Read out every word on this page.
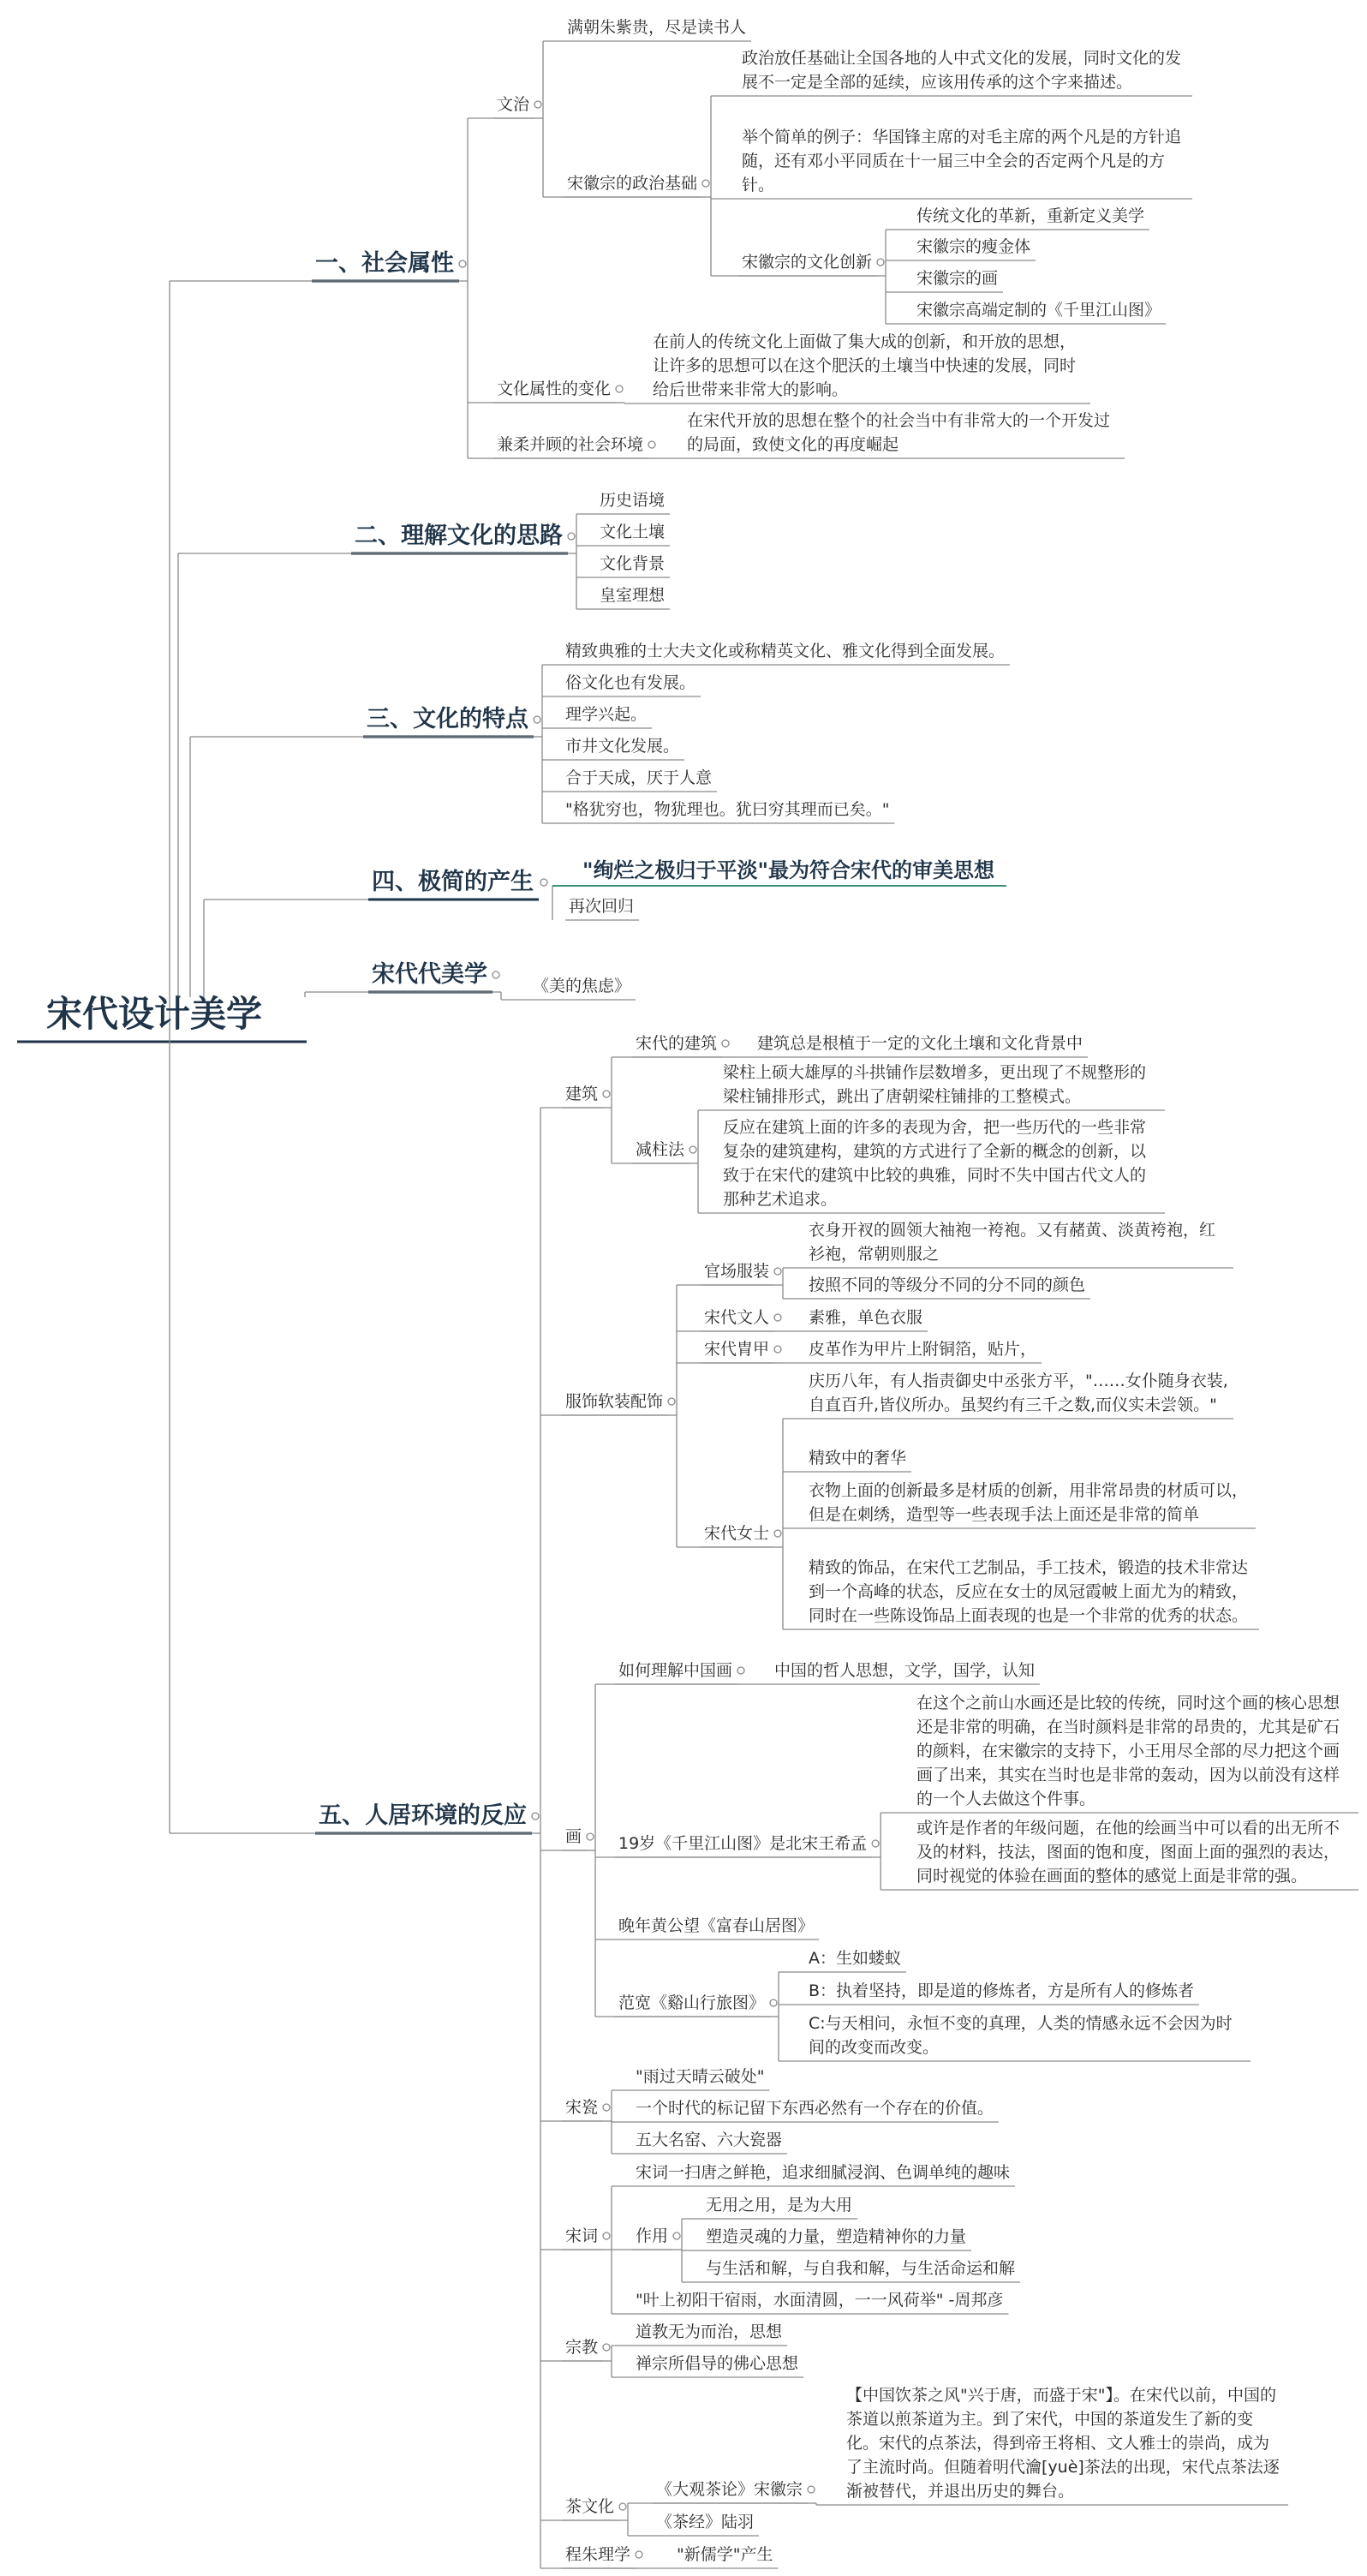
宋代设计美学
一、社会属性
文治
满朝朱紫贵，尽是读书人
宋徽宗的政治基础
政治放任基础让全国各地的人中式文化的发展，同时文化的发展不一定是全部的延续，应该用传承的这个字来描述。
举个简单的例子：华国锋主席的对毛主席的两个凡是的方针追随，还有邓小平同质在十一届三中全会的否定两个凡是的方针。
宋徽宗的文化创新
传统文化的革新，重新定义美学
宋徽宗的瘦金体
宋徽宗的画
宋徽宗高端定制的《千里江山图》
文化属性的变化
在前人的传统文化上面做了集大成的创新，和开放的思想，让许多的思想可以在这个肥沃的土壤当中快速的发展，同时给后世带来非常大的影响。
兼柔并顾的社会环境
在宋代开放的思想在整个的社会当中有非常大的一个开发过的局面，致使文化的再度崛起
二、理解文化的思路
历史语境
文化土壤
文化背景
皇室理想
三、文化的特点
精致典雅的士大夫文化或称精英文化、雅文化得到全面发展。
俗文化也有发展。
理学兴起。
市井文化发展。
合于天成，厌于人意
"格犹穷也，物犹理也。犹曰穷其理而已矣。"
四、极简的产生 "绚烂之极归于平淡"最为符合宋代的审美思想
再次回归
宋代代美学	《美的焦虑》
五、人居环境的反应
建筑
宋代的建筑 建筑总是根植于一定的文化土壤和文化背景中
减柱法
梁柱上硕大雄厚的斗拱铺作层数增多，更出现了不规整形的梁柱铺排形式，跳出了唐朝梁柱铺排的工整模式。
反应在建筑上面的许多的表现为舍，把一些历代的一些非常复杂的建筑建构，建筑的方式进行了全新的概念的创新，以致于在宋代的建筑中比较的典雅，同时不失中国古代文人的那种艺术追求。
服饰软装配饰
官场服装
衣身开衩的圆领大袖袍一袴袍。又有赭黄、淡黄袴袍，红衫袍，常朝则服之
按照不同的等级分不同的分不同的颜色
宋代文人 素雅，单色衣服
宋代胄甲 皮革作为甲片上附铜箔，贴片，
宋代女士
庆历八年，有人指责御史中丞张方平，"……女仆随身衣装,自直百升,皆仪所办。虽契约有三千之数,而仪实未尝领。"
精致中的奢华
衣物上面的创新最多是材质的创新，用非常昂贵的材质可以，但是在刺绣，造型等一些表现手法上面还是非常的简单
精致的饰品，在宋代工艺制品，手工技术，锻造的技术非常达到一个高峰的状态，反应在女士的凤冠霞帔上面尤为的精致，同时在一些陈设饰品上面表现的也是一个非常的优秀的状态。
画
如何理解中国画	中国的哲人思想，文学，国学，认知
19岁《千里江山图》是北宋王希孟
在这个之前山水画还是比较的传统，同时这个画的核心思想还是非常的明确，在当时颜料是非常的昂贵的，尤其是矿石的颜料，在宋徽宗的支持下，小王用尽全部的尽力把这个画画了出来，其实在当时也是非常的轰动，因为以前没有这样的一个人去做这个件事。
或许是作者的年级问题，在他的绘画当中可以看的出无所不及的材料，技法，图面的饱和度，图面上面的强烈的表达，同时视觉的体验在画面的整体的感觉上面是非常的强。
晚年黄公望《富春山居图》
范宽《谿山行旅图》
A：生如蝼蚁
B：执着坚持，即是道的修炼者，方是所有人的修炼者
C:与天相问，永恒不变的真理，人类的情感永远不会因为时间的改变而改变。
宋瓷
"雨过天晴云破处"
一个时代的标记留下东西必然有一个存在的价值。
五大名窑、六大瓷器
宋词
宋词一扫唐之鲜艳，追求细腻浸润、色调单纯的趣味
作用
无用之用，是为大用
塑造灵魂的力量，塑造精神你的力量
与生活和解，与自我和解，与生活命运和解
"叶上初阳干宿雨，水面清圆，一一风荷举" -周邦彦
宗教
道教无为而治，思想
禅宗所倡导的佛心思想
茶文化
《大观茶论》宋徽宗
【中国饮茶之风"兴于唐，而盛于宋"】。在宋代以前，中国的茶道以煎茶道为主。到了宋代，中国的茶道发生了新的变化。宋代的点茶法，得到帝王将相、文人雅士的崇尚，成为了主流时尚。但随着明代瀹[yuè]茶法的出现，宋代点茶法逐渐被替代，并退出历史的舞台。
《茶经》陆羽
程朱理学	"新儒学"产生
